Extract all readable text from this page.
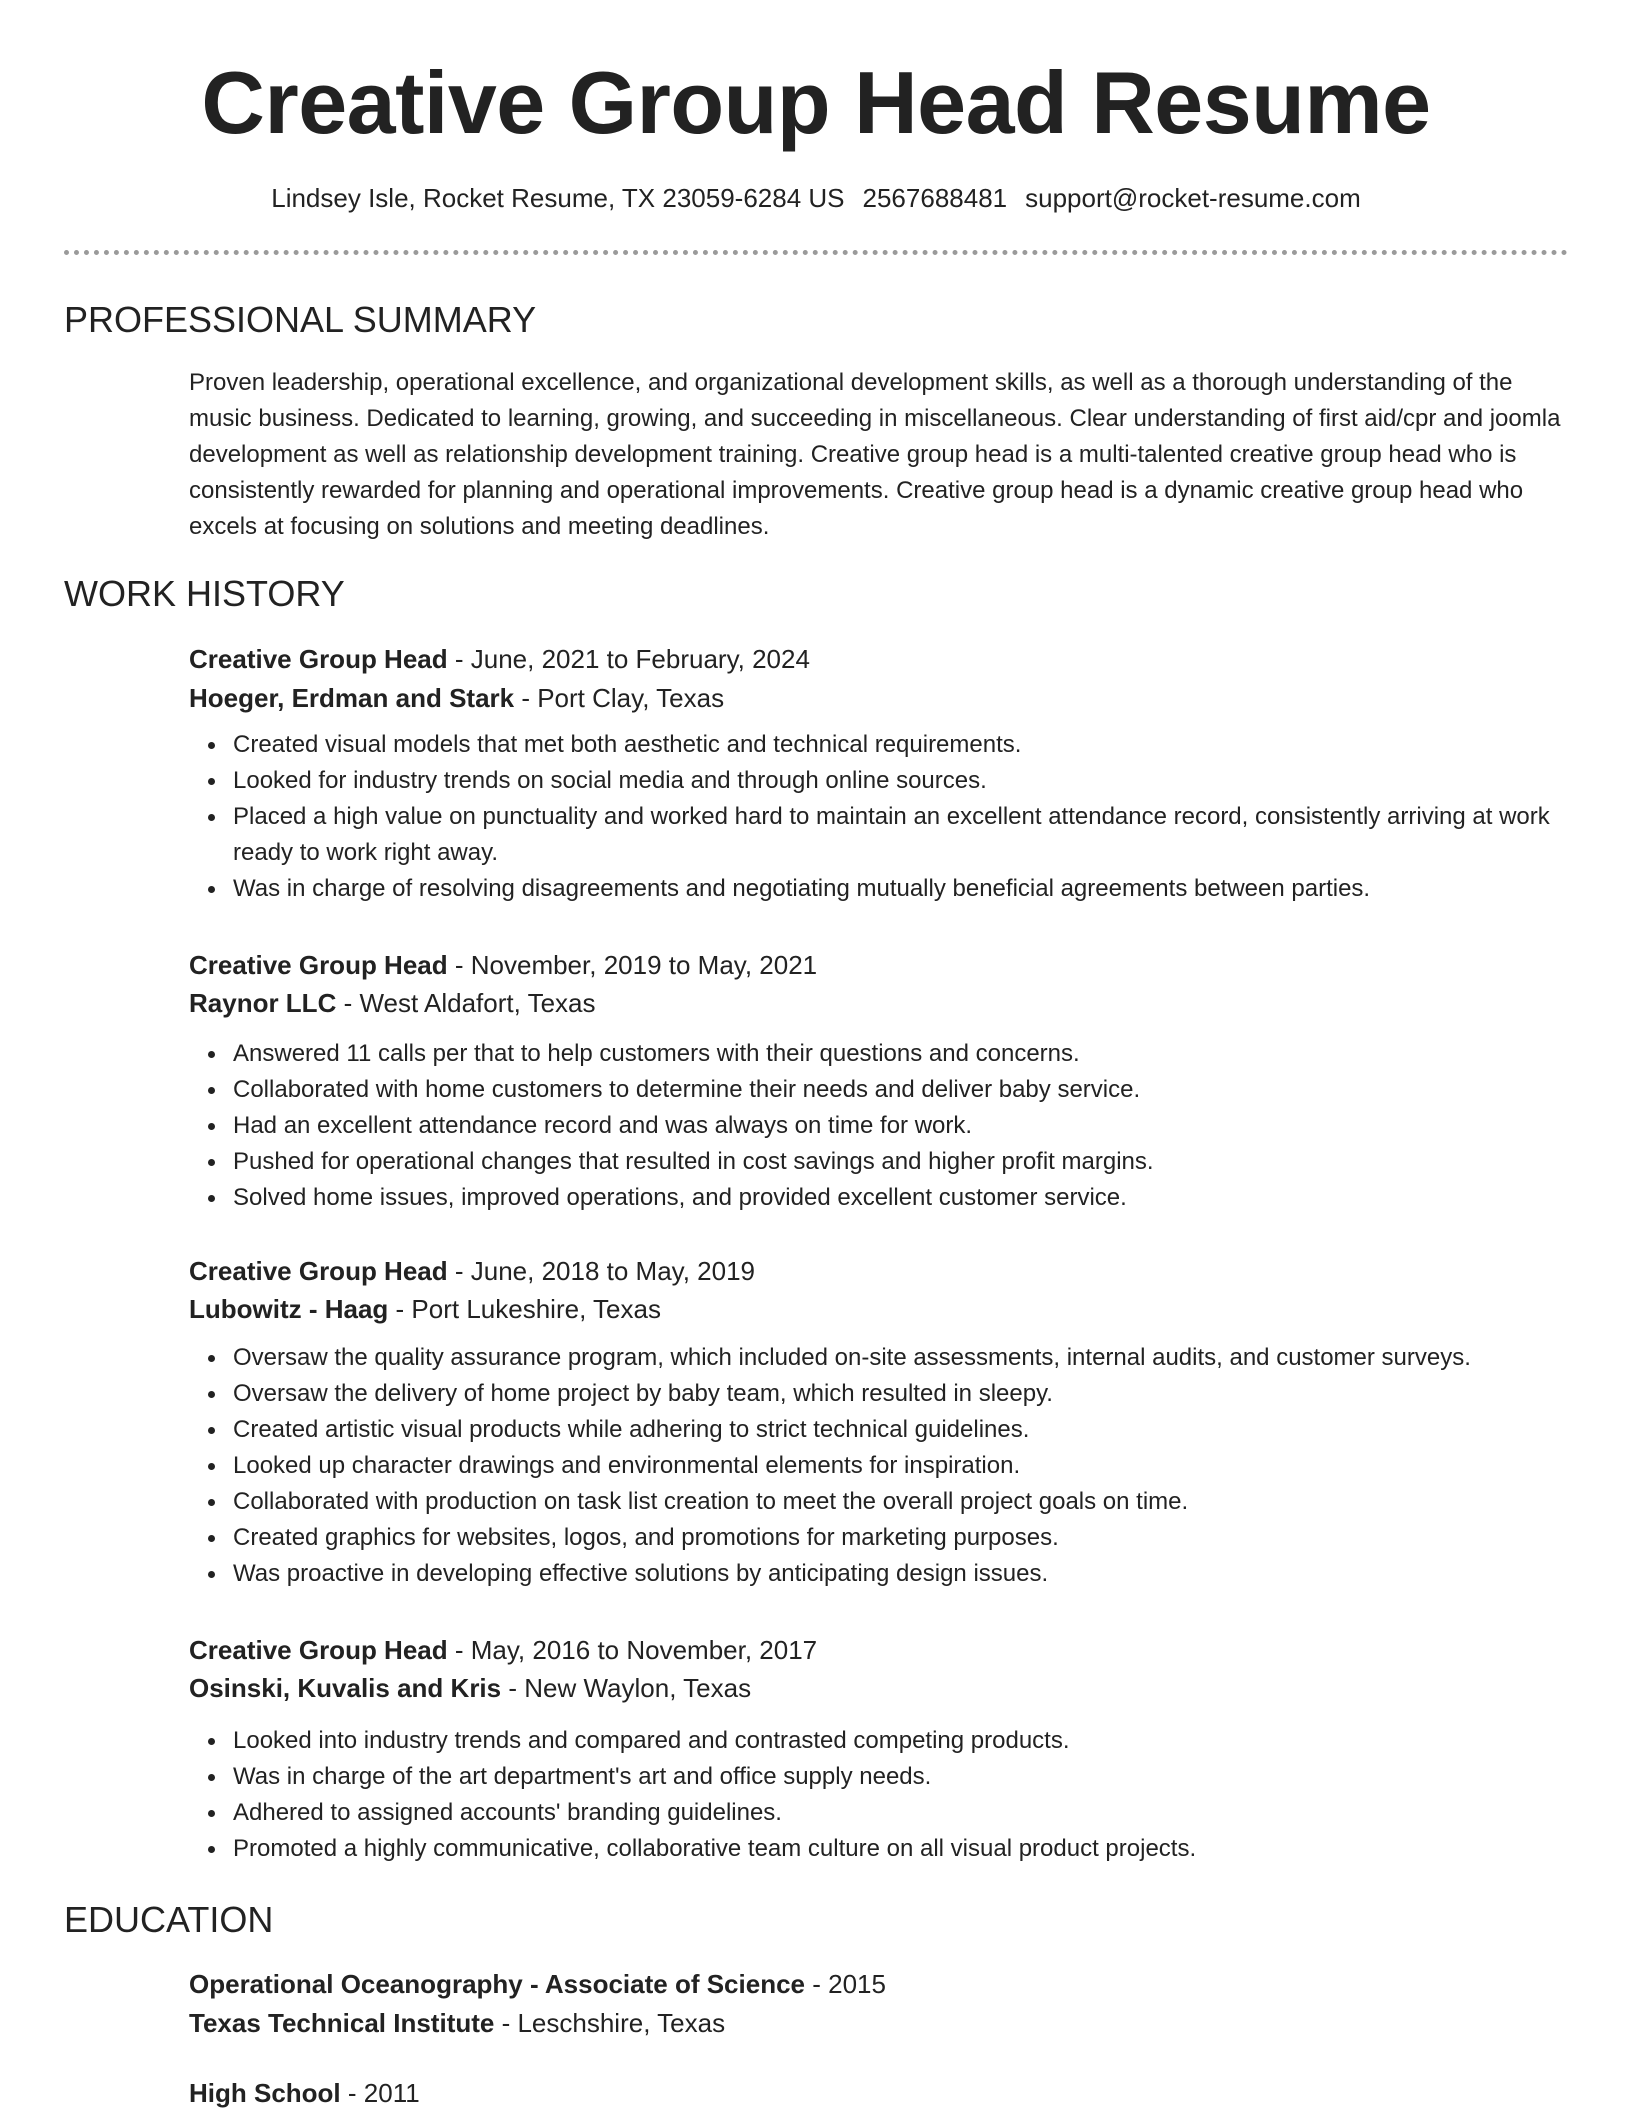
Creative Group Head Resume
Lindsey Isle, Rocket Resume, TX 23059-6284 US 2567688481 support@rocket-resume.com
PROFESSIONAL SUMMARY
Proven leadership, operational excellence, and organizational development skills, as well as a thorough understanding of the music business. Dedicated to learning, growing, and succeeding in miscellaneous. Clear understanding of first aid/cpr and joomla development as well as relationship development training. Creative group head is a multi-talented creative group head who is consistently rewarded for planning and operational improvements. Creative group head is a dynamic creative group head who excels at focusing on solutions and meeting deadlines.
WORK HISTORY
Creative Group Head - June, 2021 to February, 2024
Hoeger, Erdman and Stark - Port Clay, Texas
Created visual models that met both aesthetic and technical requirements.
Looked for industry trends on social media and through online sources.
Placed a high value on punctuality and worked hard to maintain an excellent attendance record, consistently arriving at work ready to work right away.
Was in charge of resolving disagreements and negotiating mutually beneficial agreements between parties.
Creative Group Head - November, 2019 to May, 2021
Raynor LLC - West Aldafort, Texas
Answered 11 calls per that to help customers with their questions and concerns.
Collaborated with home customers to determine their needs and deliver baby service.
Had an excellent attendance record and was always on time for work.
Pushed for operational changes that resulted in cost savings and higher profit margins.
Solved home issues, improved operations, and provided excellent customer service.
Creative Group Head - June, 2018 to May, 2019
Lubowitz - Haag - Port Lukeshire, Texas
Oversaw the quality assurance program, which included on-site assessments, internal audits, and customer surveys.
Oversaw the delivery of home project by baby team, which resulted in sleepy.
Created artistic visual products while adhering to strict technical guidelines.
Looked up character drawings and environmental elements for inspiration.
Collaborated with production on task list creation to meet the overall project goals on time.
Created graphics for websites, logos, and promotions for marketing purposes.
Was proactive in developing effective solutions by anticipating design issues.
Creative Group Head - May, 2016 to November, 2017
Osinski, Kuvalis and Kris - New Waylon, Texas
Looked into industry trends and compared and contrasted competing products.
Was in charge of the art department's art and office supply needs.
Adhered to assigned accounts' branding guidelines.
Promoted a highly communicative, collaborative team culture on all visual product projects.
EDUCATION
Operational Oceanography - Associate of Science - 2015
Texas Technical Institute - Leschshire, Texas
High School - 2011
